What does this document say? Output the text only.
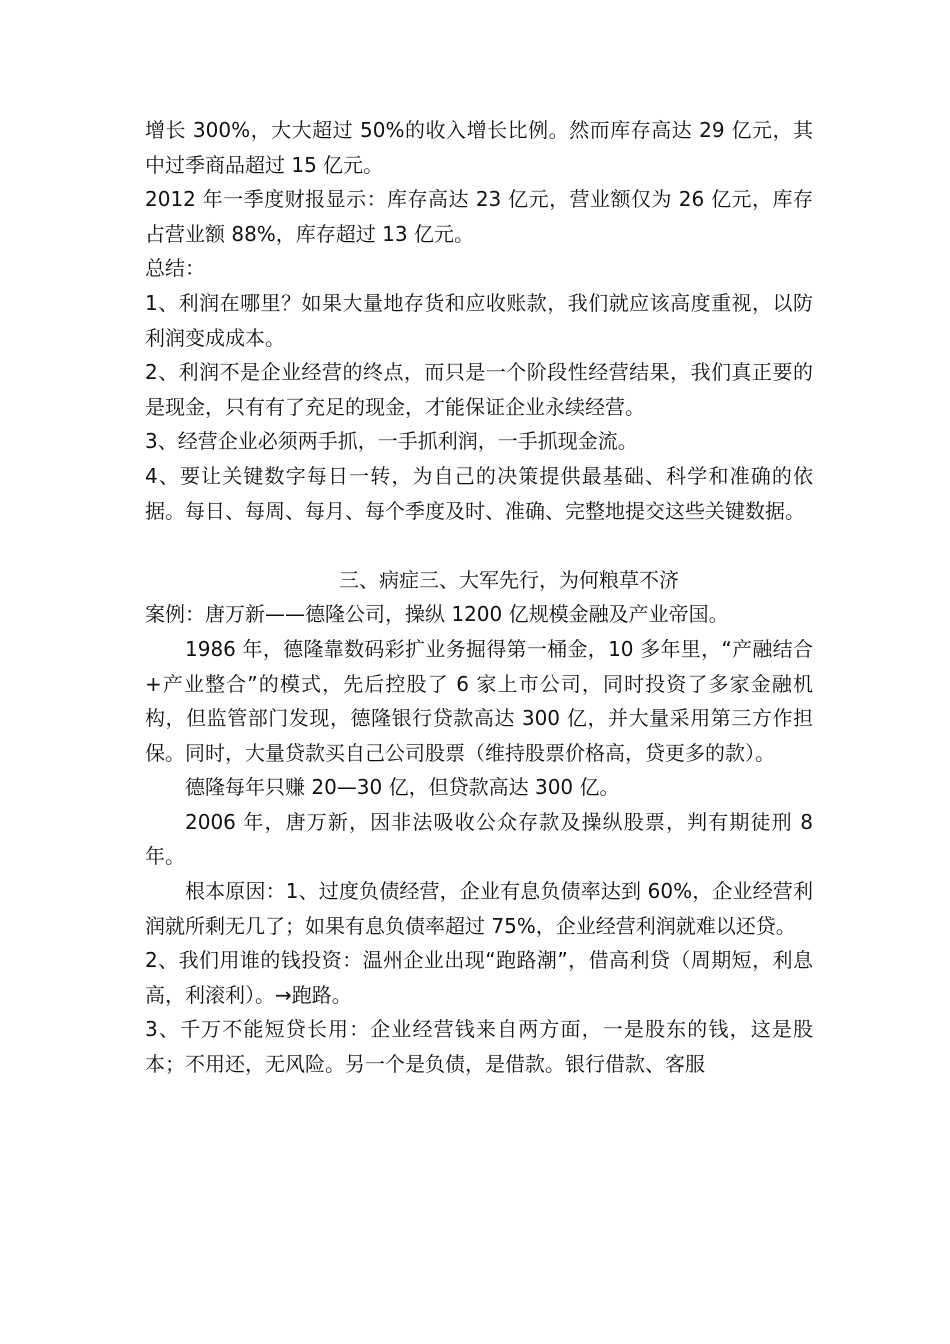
增长 300%，大大超过 50%的收入增长比例。然而库存高达 29 亿元，其中过季商品超过 15 亿元。

2012 年一季度财报显示：库存高达 23 亿元，营业额仅为 26 亿元，库存占营业额 88%，库存超过 13 亿元。

总结：

1、利润在哪里？如果大量地存货和应收账款，我们就应该高度重视，以防利润变成成本。

2、利润不是企业经营的终点，而只是一个阶段性经营结果，我们真正要的是现金，只有有了充足的现金，才能保证企业永续经营。

3、经营企业必须两手抓，一手抓利润，一手抓现金流。

4、要让关键数字每日一转，为自己的决策提供最基础、科学和准确的依据。每日、每周、每月、每个季度及时、准确、完整地提交这些关键数据。

三、病症三、大军先行，为何粮草不济

案例：唐万新——德隆公司，操纵 1200 亿规模金融及产业帝国。

1986 年，德隆靠数码彩扩业务掘得第一桶金，10 多年里，“产融结合+产业整合”的模式，先后控股了 6 家上市公司，同时投资了多家金融机构，但监管部门发现，德隆银行贷款高达 300 亿，并大量采用第三方作担保。同时，大量贷款买自己公司股票（维持股票价格高，贷更多的款）。

德隆每年只赚 20—30 亿，但贷款高达 300 亿。

2006 年，唐万新，因非法吸收公众存款及操纵股票，判有期徒刑 8 年。

根本原因：1、过度负债经营，企业有息负债率达到 60%，企业经营利润就所剩无几了；如果有息负债率超过 75%，企业经营利润就难以还贷。

2、我们用谁的钱投资：温州企业出现“跑路潮”，借高利贷（周期短，利息高，利滚利）。→跑路。

3、千万不能短贷长用：企业经营钱来自两方面，一是股东的钱，这是股本；不用还，无风险。另一个是负债，是借款。银行借款、客服
